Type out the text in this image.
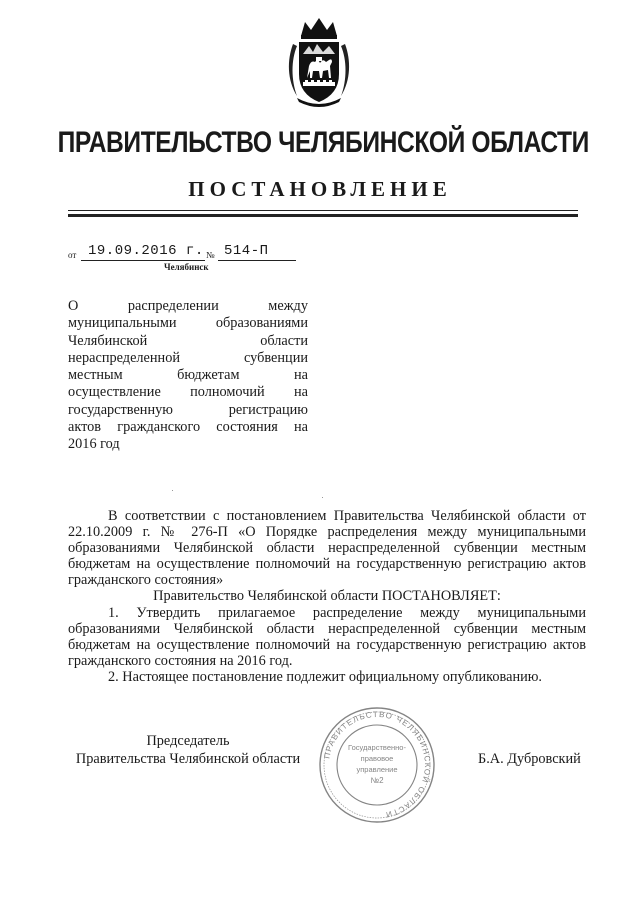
ПРАВИТЕЛЬСТВО ЧЕЛЯБИНСКОЙ ОБЛАСТИ
ПОСТАНОВЛЕНИЕ
от 19.09.2016 г. № 514-П
Челябинск
О распределении между
муниципальными образованиями
Челябинской области
нераспределенной субвенции
местным бюджетам на
осуществление полномочий на
государственную регистрацию
актов гражданского состояния на
2016 год

В соответствии с постановлением Правительства Челябинской области от 22.10.2009 г. № 276-П «О Порядке распределения между муниципальными образованиями Челябинской области нераспределенной субвенции местным бюджетам на осуществление полномочий на государственную регистрацию актов гражданского состояния»

Правительство Челябинской области ПОСТАНОВЛЯЕТ:

1. Утвердить прилагаемое распределение между муниципальными образованиями Челябинской области нераспределенной субвенции местным бюджетам на осуществление полномочий на государственную регистрацию актов гражданского состояния на 2016 год.

2. Настоящее постановление подлежит официальному опубликованию.

Председатель
Правительства Челябинской области	Б.А. Дубровский
ПРАВИТЕЛЬСТВО ЧЕЛЯБИНСКОЙ ОБЛАСТИ
Государственно-
правовое
управление
№2
